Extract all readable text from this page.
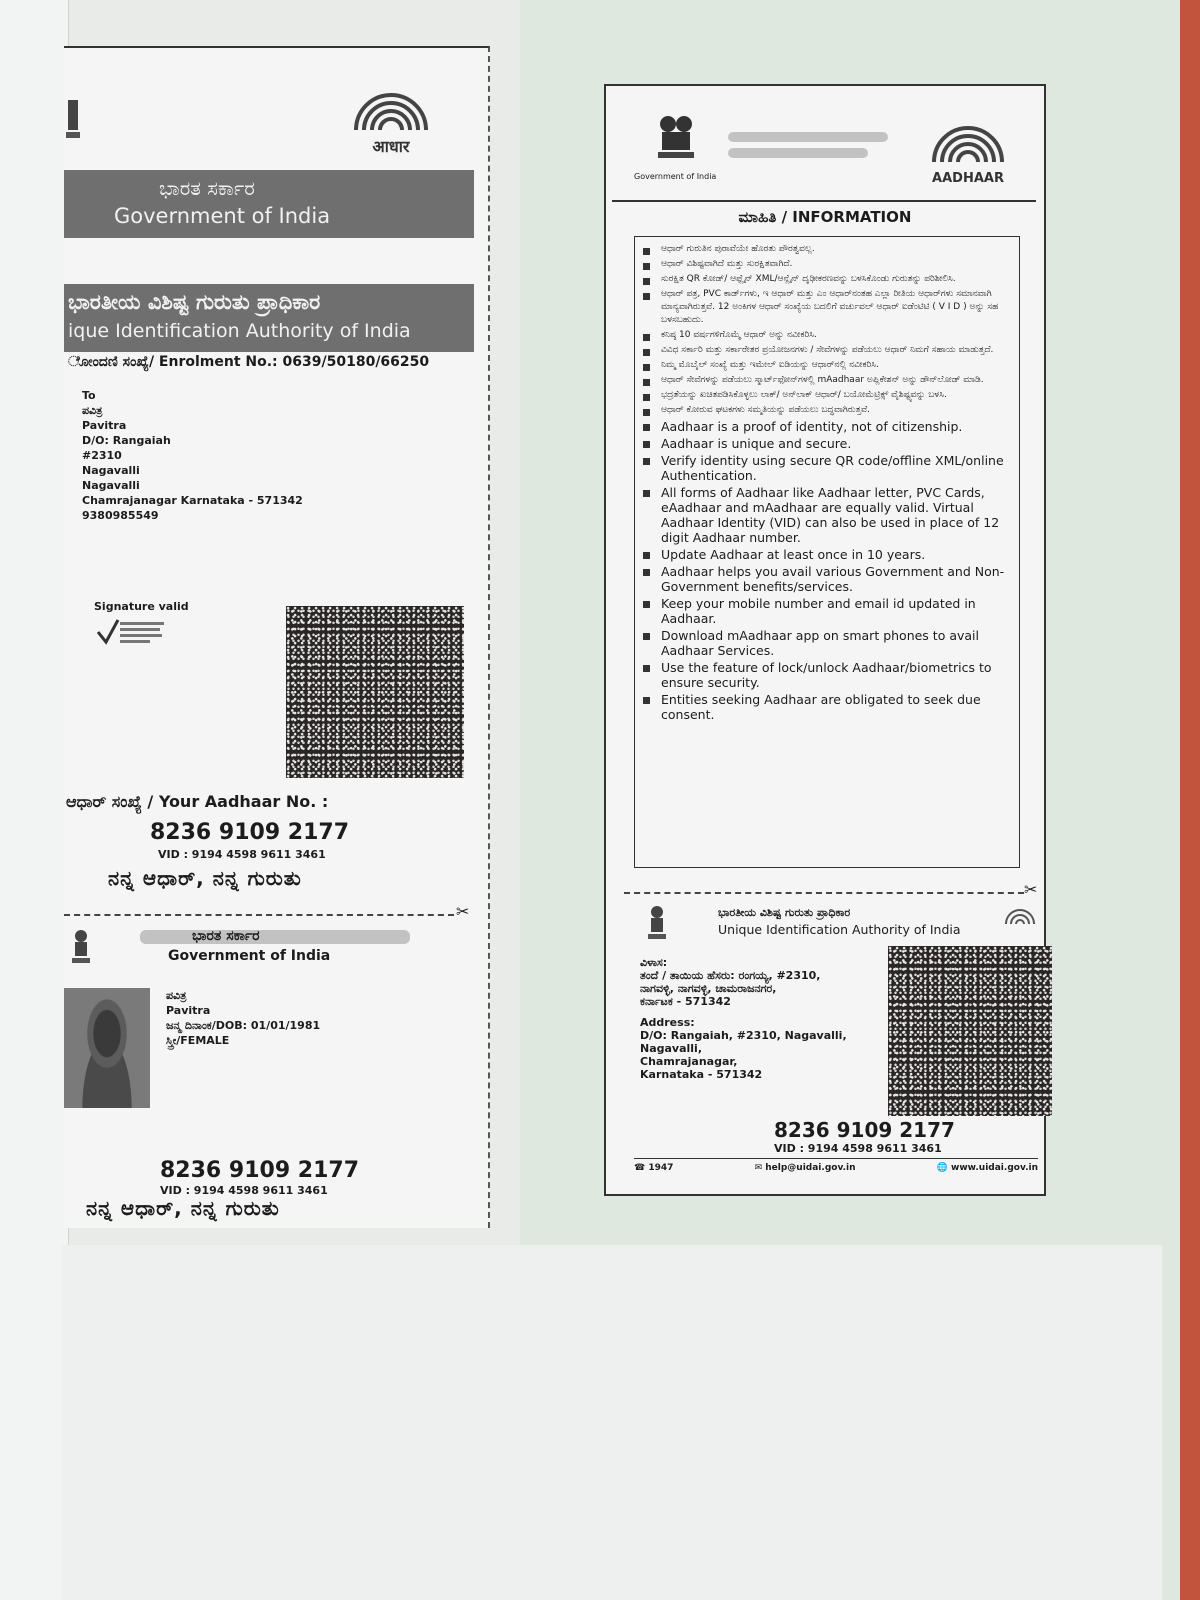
आधार
ಭಾರತ ಸರ್ಕಾರ
Government of India
ಭಾರತೀಯ ವಿಶಿಷ್ಟ ಗುರುತು ಪ್ರಾಧಿಕಾರ
ique Identification Authority of India
ೋಂದಣಿ ಸಂಖ್ಯೆ/ Enrolment No.: 0639/50180/66250
To
ಪವಿತ್ರ
Pavitra
D/O: Rangaiah
#2310
Nagavalli
Nagavalli
Chamrajanagar Karnataka - 571342
9380985549
Signature valid
ಆಧಾರ್ ಸಂಖ್ಯೆ / Your Aadhaar No. :
8236 9109 2177
VID : 9194 4598 9611 3461
ನನ್ನ ಆಧಾರ್, ನನ್ನ ಗುರುತು
✂
ಭಾರತ ಸರ್ಕಾರ
Government of India
ಪವಿತ್ರ
Pavitra
ಜನ್ಮ ದಿನಾಂಕ/DOB: 01/01/1981
ಸ್ತ್ರೀ/FEMALE
8236 9109 2177
VID : 9194 4598 9611 3461
ನನ್ನ ಆಧಾರ್, ನನ್ನ ಗುರುತು
Government of India	AADHAAR
ಮಾಹಿತಿ / INFORMATION
ಆಧಾರ್ ಗುರುತಿನ ಪುರಾವೆಯೇ ಹೊರತು ಪೌರತ್ವವಲ್ಲ.
ಆಧಾರ್ ವಿಶಿಷ್ಟವಾಗಿದೆ ಮತ್ತು ಸುರಕ್ಷಿತವಾಗಿದೆ.
ಸುರಕ್ಷಿತ QR ಕೋಡ್/ ಆಫ್ಲೈನ್ XML/ಆನ್ಲೈನ್ ದೃಢೀಕರಣವನ್ನು ಬಳಸಿಕೊಂಡು ಗುರುತನ್ನು ಪರಿಶೀಲಿಸಿ.
ಆಧಾರ್ ಪತ್ರ, PVC ಕಾರ್ಡ್‌ಗಳು, ಇ ಆಧಾರ್ ಮತ್ತು ಎಂ ಆಧಾರ್‌ನಂತಹ ಎಲ್ಲಾ ರೀತಿಯ ಆಧಾರ್‌ಗಳು ಸಮಾನವಾಗಿ ಮಾನ್ಯವಾಗಿರುತ್ತವೆ. 12 ಅಂಕಿಗಳ ಆಧಾರ್ ಸಂಖ್ಯೆಯ ಬದಲಿಗೆ ವರ್ಚುವಲ್ ಆಧಾರ್ ಐಡೆಂಟಿಟಿ ( V I D ) ಅನ್ನು ಸಹ ಬಳಸಬಹುದು.
ಕನಿಷ್ಠ 10 ವರ್ಷಗಳಿಗೊಮ್ಮೆ ಆಧಾರ್ ಅನ್ನು ನವೀಕರಿಸಿ.
ವಿವಿಧ ಸರ್ಕಾರಿ ಮತ್ತು ಸರ್ಕಾರೇತರ ಪ್ರಯೋಜನಗಳು / ಸೇವೆಗಳನ್ನು ಪಡೆಯಲು ಆಧಾರ್ ನಿಮಗೆ ಸಹಾಯ ಮಾಡುತ್ತದೆ.
ನಿಮ್ಮ ಮೊಬೈಲ್ ಸಂಖ್ಯೆ ಮತ್ತು ಇಮೇಲ್ ಐಡಿಯನ್ನು ಆಧಾರ್‌ನಲ್ಲಿ ನವೀಕರಿಸಿ.
ಆಧಾರ್ ಸೇವೆಗಳನ್ನು ಪಡೆಯಲು ಸ್ಮಾರ್ಟ್‌ಫೋನ್‌ಗಳಲ್ಲಿ mAadhaar ಅಪ್ಲಿಕೇಶನ್ ಅನ್ನು ಡೌನ್‌ಲೋಡ್ ಮಾಡಿ.
ಭದ್ರತೆಯನ್ನು ಖಚಿತಪಡಿಸಿಕೊಳ್ಳಲು ಲಾಕ್/ ಅನ್‌ಲಾಕ್ ಆಧಾರ್/ ಬಯೋಮೆಟ್ರಿಕ್ಸ್ ವೈಶಿಷ್ಟ್ಯವನ್ನು ಬಳಸಿ.
ಆಧಾರ್ ಕೋರುವ ಘಟಕಗಳು ಸಮ್ಮತಿಯನ್ನು ಪಡೆಯಲು ಬದ್ಧವಾಗಿರುತ್ತವೆ.
Aadhaar is a proof of identity, not of citizenship.
Aadhaar is unique and secure.
Verify identity using secure QR code/offline XML/online Authentication.
All forms of Aadhaar like Aadhaar letter, PVC Cards, eAadhaar and mAadhaar are equally valid. Virtual Aadhaar Identity (VID) can also be used in place of 12 digit Aadhaar number.
Update Aadhaar at least once in 10 years.
Aadhaar helps you avail various Government and Non- Government benefits/services.
Keep your mobile number and email id updated in Aadhaar.
Download mAadhaar app on smart phones to avail Aadhaar Services.
Use the feature of lock/unlock Aadhaar/biometrics to ensure security.
Entities seeking Aadhaar are obligated to seek due consent.
✂
ಭಾರತೀಯ ವಿಶಿಷ್ಟ ಗುರುತು ಪ್ರಾಧಿಕಾರ
Unique Identification Authority of India
ವಿಳಾಸ:
ತಂದೆ / ತಾಯಿಯ ಹೆಸರು: ರಂಗಯ್ಯ, #2310,
ನಾಗವಳ್ಳಿ, ನಾಗವಳ್ಳಿ, ಚಾಮರಾಜನಗರ,
ಕರ್ನಾಟಕ - 571342
Address:
D/O: Rangaiah, #2310, Nagavalli, Nagavalli,
Chamrajanagar,
Karnataka - 571342
8236 9109 2177
VID : 9194 4598 9611 3461
☎ 1947	✉ help@uidai.gov.in	🌐 www.uidai.gov.in
